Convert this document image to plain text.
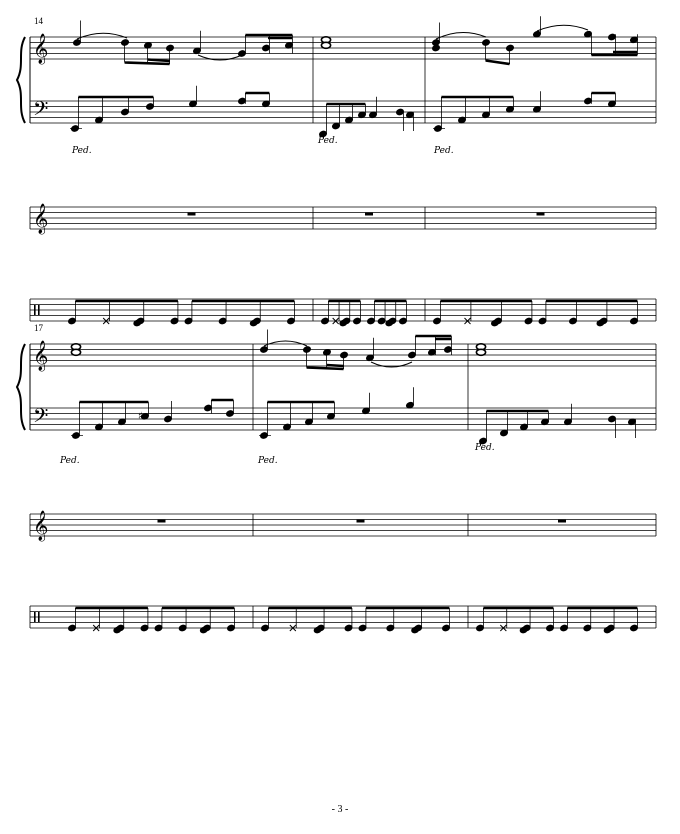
14
17
𝄞
𝄢
𝄞
Ped.
Ped.
Ped.
𝄞
𝄢
𝄞
♯
Ped.	Ped.
Ped.
- 3 -
